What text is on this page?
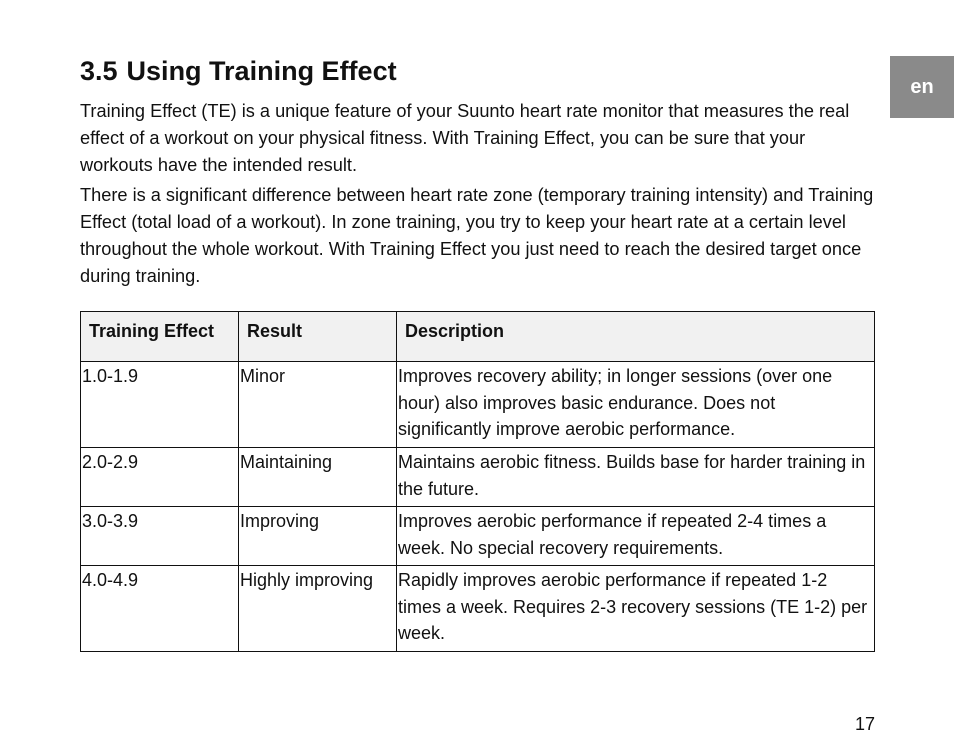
en
3.5 Using Training Effect

Training Effect (TE) is a unique feature of your Suunto heart rate monitor that measures the real effect of a workout on your physical fitness. With Training Effect, you can be sure that your workouts have the intended result.

There is a significant difference between heart rate zone (temporary training intensity) and Training Effect (total load of a workout). In zone training, you try to keep your heart rate at a certain level throughout the whole workout. With Training Effect you just need to reach the desired target once during training.

Training Effect	Result	Description
1.0-1.9	Minor	Improves recovery ability; in longer sessions (over one hour) also improves basic endurance. Does not significantly improve aerobic performance.
2.0-2.9	Maintaining	Maintains aerobic fitness. Builds base for harder training in the future.
3.0-3.9	Improving	Improves aerobic performance if repeated 2-4 times a week. No special recovery requirements.
4.0-4.9	Highly improving	Rapidly improves aerobic performance if repeated 1-2 times a week. Requires 2-3 recovery sessions (TE 1-2) per week.
17
